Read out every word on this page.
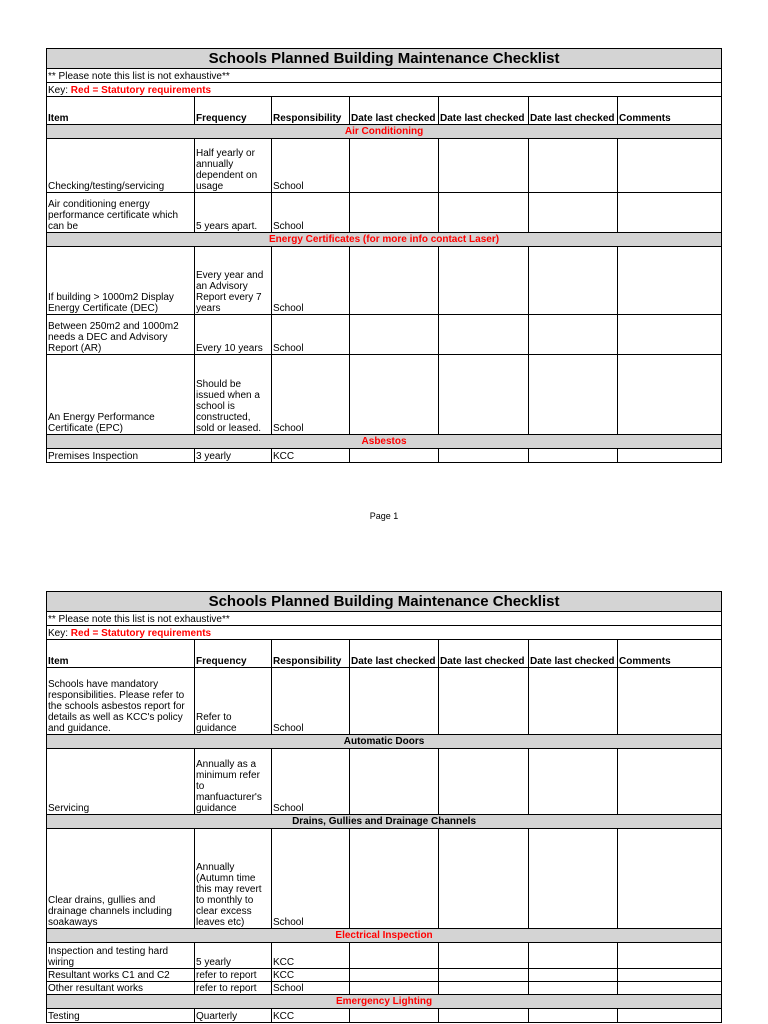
Schools Planned Building Maintenance Checklist						
** Please note this list is not exhaustive**						
Key: Red = Statutory requirements						
Item	Frequency	Responsibility	Date last checked	Date last checked	Date last checked	Comments
Air Conditioning						
Checking/testing/servicing	Half yearly or annually dependent on usage	School				
Air conditioning energy performance certificate which can be	5 years apart.	School				
Energy Certificates (for more info contact Laser)						
If building > 1000m2 Display Energy Certificate (DEC)	Every year and an Advisory Report every 7 years	School				
Between 250m2 and 1000m2 needs a DEC and Advisory Report (AR)	Every 10 years	School				
An Energy Performance Certificate (EPC)	Should be issued when a school is constructed, sold or leased.	School				
Asbestos						
Premises Inspection	3 yearly	KCC				
Page 1
Schools Planned Building Maintenance Checklist						
** Please note this list is not exhaustive**						
Key: Red = Statutory requirements						
Item	Frequency	Responsibility	Date last checked	Date last checked	Date last checked	Comments
Schools have mandatory responsibilities. Please refer to the schools asbestos report for details as well as KCC's policy and guidance.	Refer to guidance	School				
Automatic Doors						
Servicing	Annually as a minimum refer to manfuacturer's guidance	School				
Drains, Gullies and Drainage Channels						
Clear drains, gullies and drainage channels including soakaways	Annually (Autumn time this may revert to monthly to clear excess leaves etc)	School				
Electrical Inspection						
Inspection and testing hard wiring	5 yearly	KCC				
Resultant works C1 and C2	refer to report	KCC				
Other resultant works	refer to report	School				
Emergency Lighting						
Testing	Quarterly	KCC				
